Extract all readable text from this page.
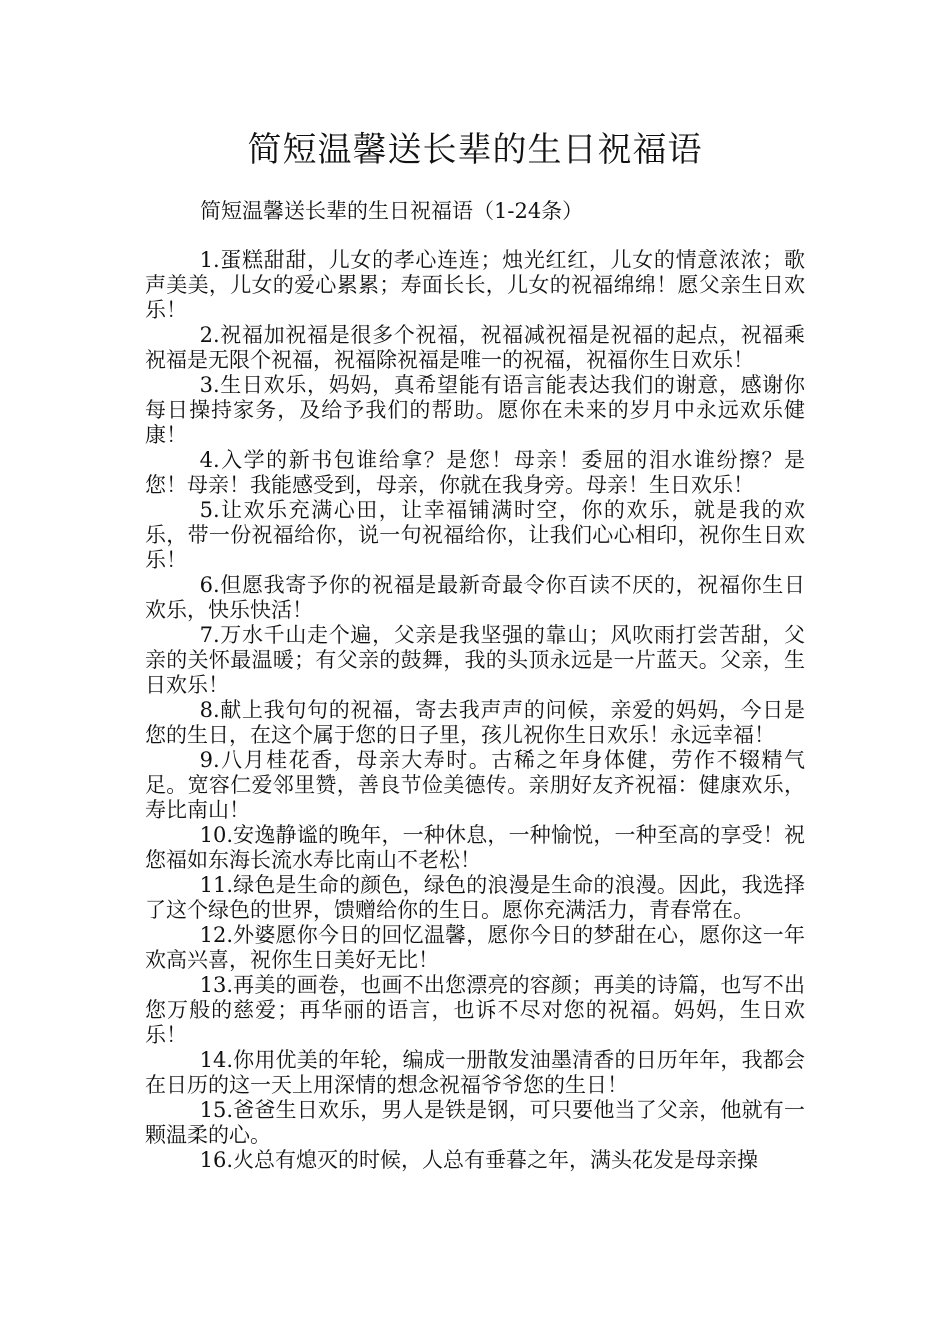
简短温馨送长辈的生日祝福语

简短温馨送长辈的生日祝福语（1-24条）

1.蛋糕甜甜，儿女的孝心连连；烛光红红，儿女的情意浓浓；歌声美美，儿女的爱心累累；寿面长长，儿女的祝福绵绵！愿父亲生日欢乐！

2.祝福加祝福是很多个祝福，祝福减祝福是祝福的起点，祝福乘祝福是无限个祝福，祝福除祝福是唯一的祝福，祝福你生日欢乐！

3.生日欢乐，妈妈，真希望能有语言能表达我们的谢意，感谢你每日操持家务，及给予我们的帮助。愿你在未来的岁月中永远欢乐健康！

4.入学的新书包谁给拿？是您！母亲！委屈的泪水谁纷擦？是您！母亲！我能感受到，母亲，你就在我身旁。母亲！生日欢乐！

5.让欢乐充满心田，让幸福铺满时空，你的欢乐，就是我的欢乐，带一份祝福给你，说一句祝福给你，让我们心心相印，祝你生日欢乐！

6.但愿我寄予你的祝福是最新奇最令你百读不厌的，祝福你生日欢乐，快乐快活！

7.万水千山走个遍，父亲是我坚强的靠山；风吹雨打尝苦甜，父亲的关怀最温暖；有父亲的鼓舞，我的头顶永远是一片蓝天。父亲，生日欢乐！

8.献上我句句的祝福，寄去我声声的问候，亲爱的妈妈，今日是您的生日，在这个属于您的日子里，孩儿祝你生日欢乐！永远幸福！

9.八月桂花香，母亲大寿时。古稀之年身体健，劳作不辍精气足。宽容仁爱邻里赞，善良节俭美德传。亲朋好友齐祝福：健康欢乐，寿比南山！

10.安逸静谧的晚年，一种休息，一种愉悦，一种至高的享受！祝您福如东海长流水寿比南山不老松！

11.绿色是生命的颜色，绿色的浪漫是生命的浪漫。因此，我选择了这个绿色的世界，馈赠给你的生日。愿你充满活力，青春常在。

12.外婆愿你今日的回忆温馨，愿你今日的梦甜在心，愿你这一年欢高兴喜，祝你生日美好无比！

13.再美的画卷，也画不出您漂亮的容颜；再美的诗篇，也写不出您万般的慈爱；再华丽的语言，也诉不尽对您的祝福。妈妈，生日欢乐！

14.你用优美的年轮，编成一册散发油墨清香的日历年年，我都会在日历的这一天上用深情的想念祝福爷爷您的生日！

15.爸爸生日欢乐，男人是铁是钢，可只要他当了父亲，他就有一颗温柔的心。

16.火总有熄灭的时候，人总有垂暮之年，满头花发是母亲操
